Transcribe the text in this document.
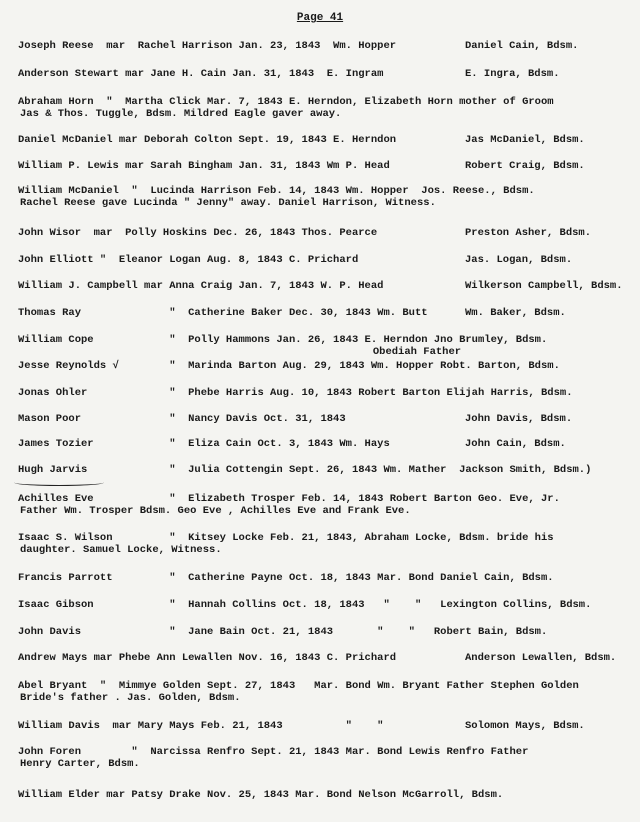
Page 41
Joseph Reese  mar  Rachel Harrison Jan. 23, 1843  Wm. Hopper	Daniel Cain, Bdsm.
Anderson Stewart mar Jane H. Cain Jan. 31, 1843  E. Ingram	E. Ingra, Bdsm.
Abraham Horn  "  Martha Click Mar. 7, 1843 E. Herndon, Elizabeth Horn mother of Groom
Jas & Thos. Tuggle, Bdsm. Mildred Eagle gaver away.
Daniel McDaniel mar Deborah Colton Sept. 19, 1843 E. Herndon	Jas McDaniel, Bdsm.
William P. Lewis mar Sarah Bingham Jan. 31, 1843 Wm P. Head	Robert Craig, Bdsm.
William McDaniel  "  Lucinda Harrison Feb. 14, 1843 Wm. Hopper  Jos. Reese., Bdsm.
Rachel Reese gave Lucinda " Jenny" away. Daniel Harrison, Witness.
John Wisor  mar  Polly Hoskins Dec. 26, 1843 Thos. Pearce	Preston Asher, Bdsm.
John Elliott "  Eleanor Logan Aug. 8, 1843 C. Prichard	Jas. Logan, Bdsm.
William J. Campbell mar Anna Craig Jan. 7, 1843 W. P. Head	Wilkerson Campbell, Bdsm.
Thomas Ray              "  Catherine Baker Dec. 30, 1843 Wm. Butt	Wm. Baker, Bdsm.
William Cope            "  Polly Hammons Jan. 26, 1843 E. Herndon Jno Brumley, Bdsm.
Obediah Father
Jesse Reynolds √        "  Marinda Barton Aug. 29, 1843 Wm. Hopper Robt. Barton, Bdsm.
Jonas Ohler             "  Phebe Harris Aug. 10, 1843 Robert Barton Elijah Harris, Bdsm.
Mason Poor              "  Nancy Davis Oct. 31, 1843	John Davis, Bdsm.
James Tozier            "  Eliza Cain Oct. 3, 1843 Wm. Hays	John Cain, Bdsm.
Hugh Jarvis             "  Julia Cottengin Sept. 26, 1843 Wm. Mather  Jackson Smith, Bdsm.)
Achilles Eve            "  Elizabeth Trosper Feb. 14, 1843 Robert Barton Geo. Eve, Jr.
Father Wm. Trosper Bdsm. Geo Eve , Achilles Eve and Frank Eve.
Isaac S. Wilson         "  Kitsey Locke Feb. 21, 1843, Abraham Locke, Bdsm. bride his
daughter. Samuel Locke, Witness.
Francis Parrott         "  Catherine Payne Oct. 18, 1843 Mar. Bond Daniel Cain, Bdsm.
Isaac Gibson            "  Hannah Collins Oct. 18, 1843   "    "   Lexington Collins, Bdsm.
John Davis              "  Jane Bain Oct. 21, 1843       "    "   Robert Bain, Bdsm.
Andrew Mays mar Phebe Ann Lewallen Nov. 16, 1843 C. Prichard	Anderson Lewallen, Bdsm.
Abel Bryant  "  Mimmye Golden Sept. 27, 1843   Mar. Bond Wm. Bryant Father Stephen Golden
Bride's father . Jas. Golden, Bdsm.
William Davis  mar Mary Mays Feb. 21, 1843          "    "	Solomon Mays, Bdsm.
John Foren        "  Narcissa Renfro Sept. 21, 1843 Mar. Bond Lewis Renfro Father
Henry Carter, Bdsm.
William Elder mar Patsy Drake Nov. 25, 1843 Mar. Bond Nelson McGarroll, Bdsm.
